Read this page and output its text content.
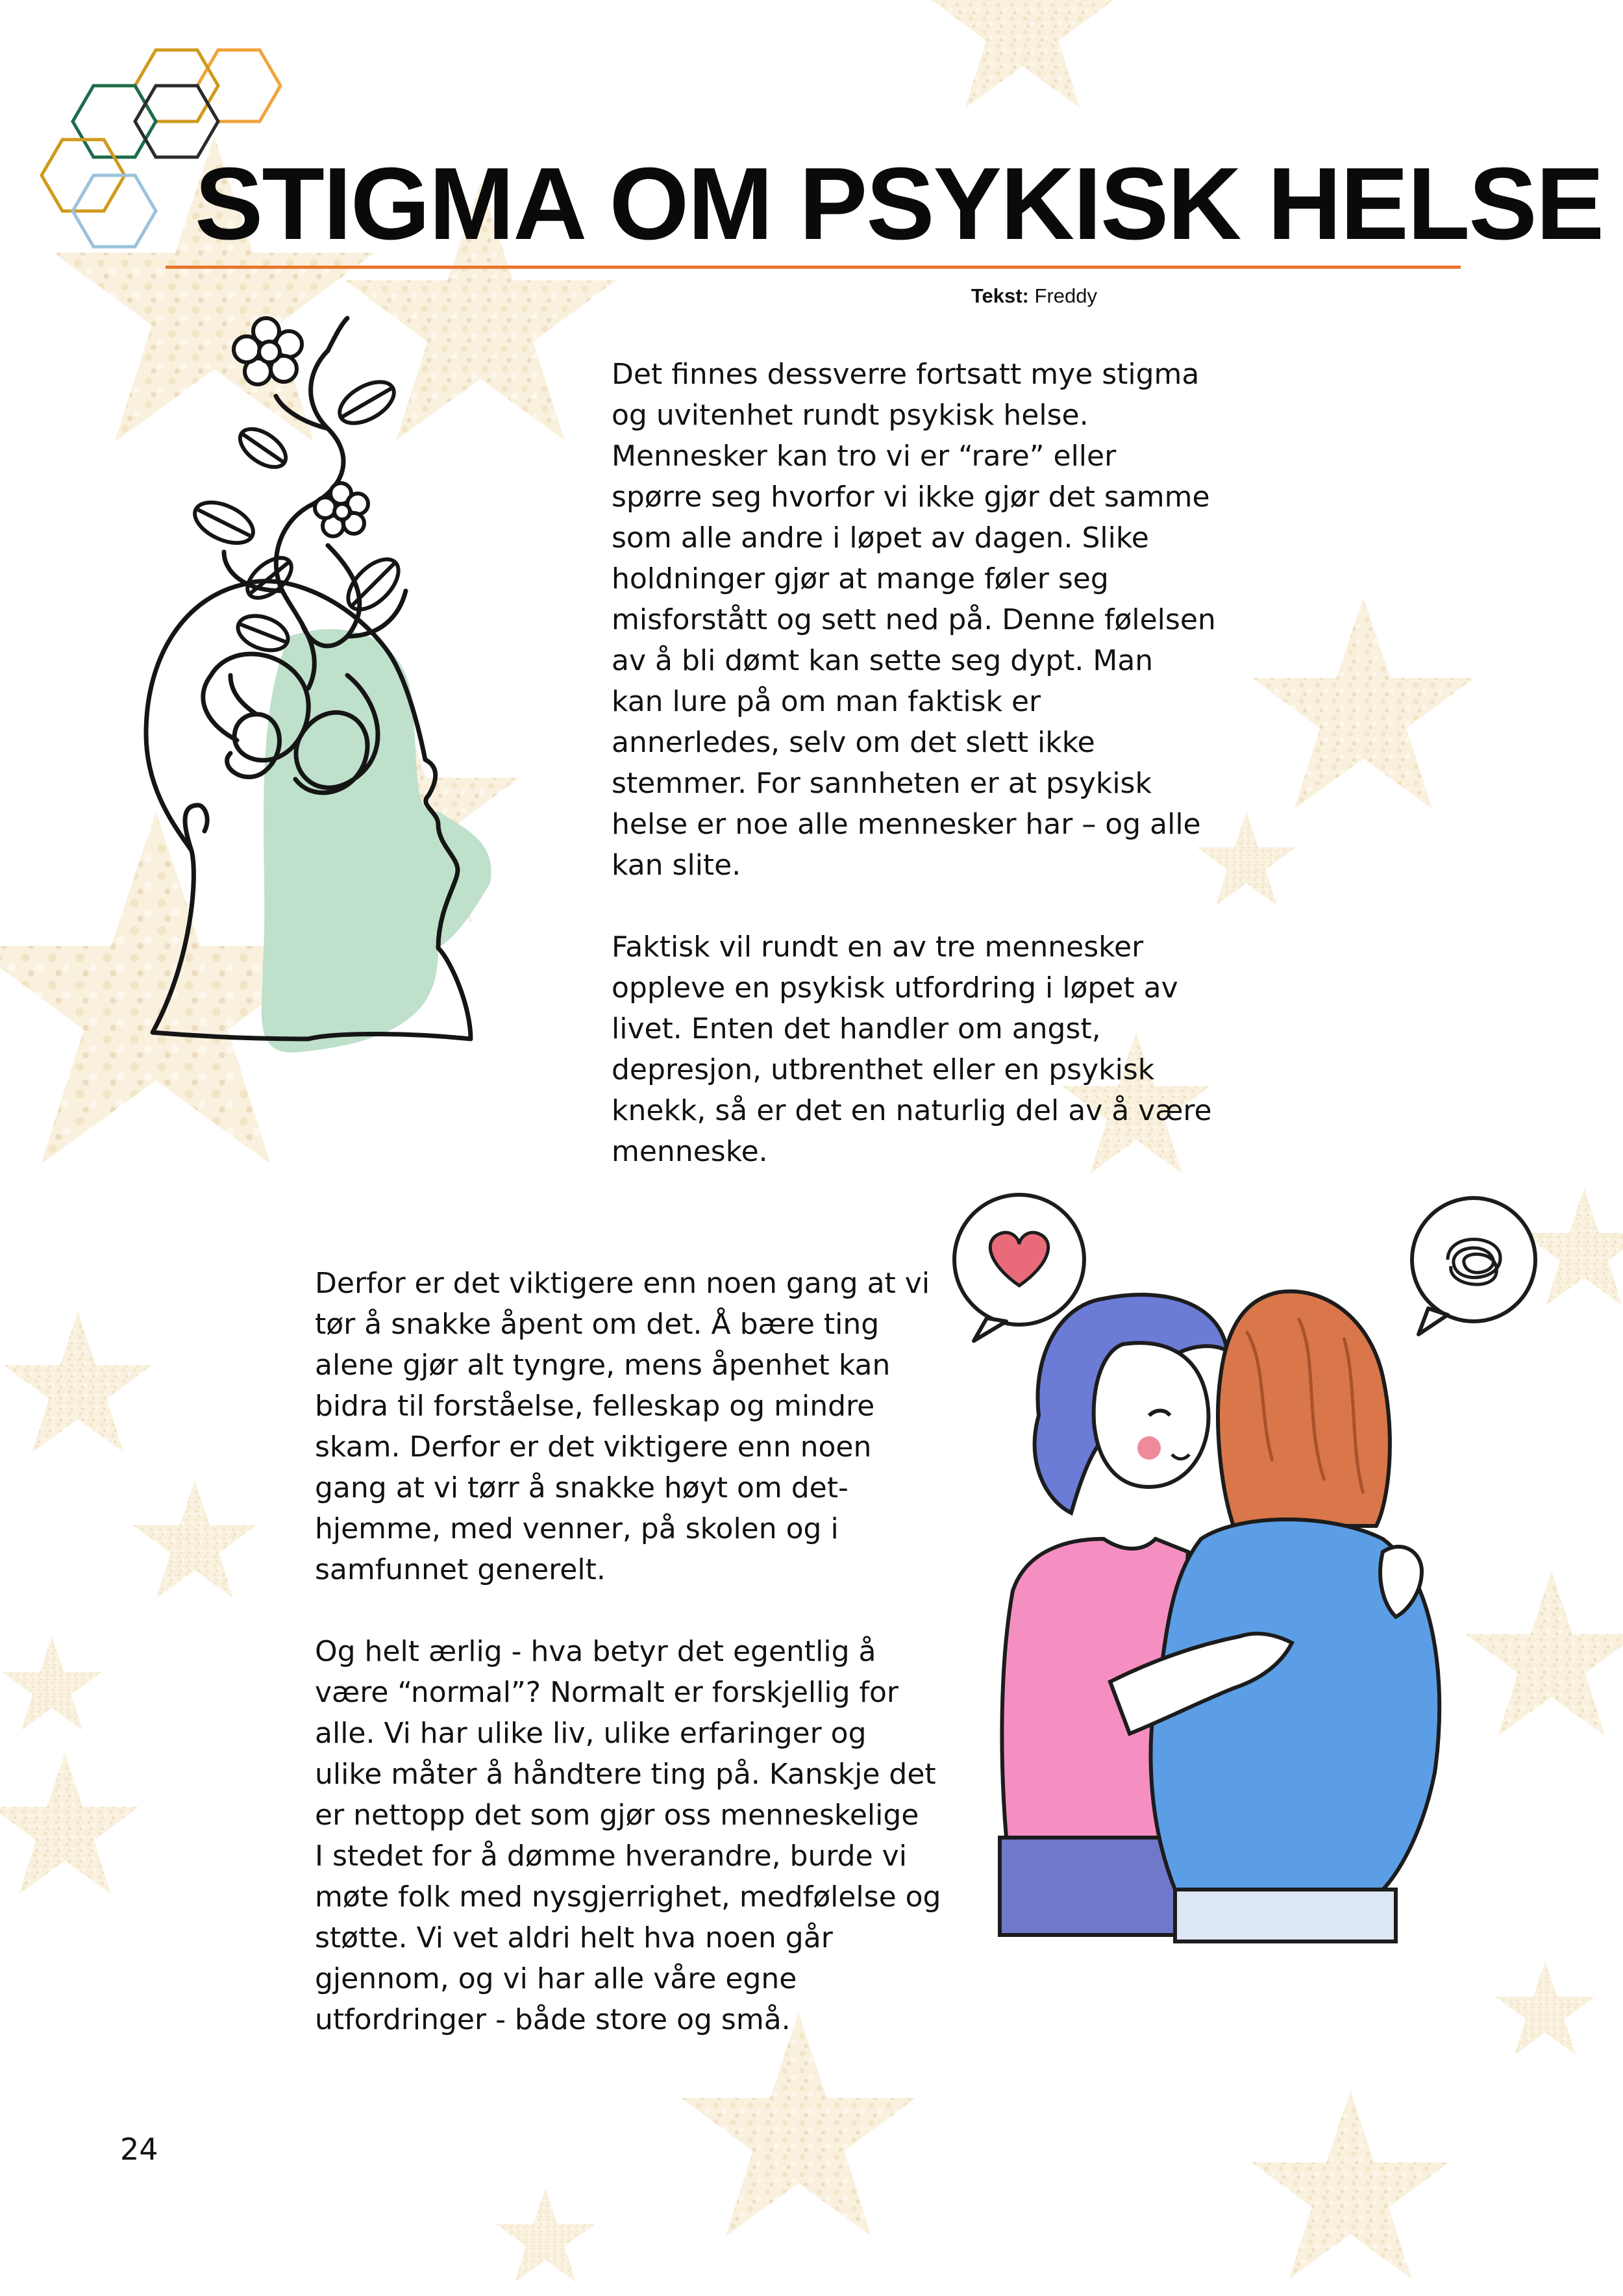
STIGMA OM PSYKISK HELSE
Tekst: Freddy

Det finnes dessverre fortsatt mye stigma
og uvitenhet rundt psykisk helse.
Mennesker kan tro vi er “rare” eller
spørre seg hvorfor vi ikke gjør det samme
som alle andre i løpet av dagen. Slike
holdninger gjør at mange føler seg
misforstått og sett ned på. Denne følelsen
av å bli dømt kan sette seg dypt. Man
kan lure på om man faktisk er
annerledes, selv om det slett ikke
stemmer. For sannheten er at psykisk
helse er noe alle mennesker har – og alle
kan slite.

Faktisk vil rundt en av tre mennesker
oppleve en psykisk utfordring i løpet av
livet. Enten det handler om angst,
depresjon, utbrenthet eller en psykisk
knekk, så er det en naturlig del av å være
menneske.

Derfor er det viktigere enn noen gang at vi
tør å snakke åpent om det. Å bære ting
alene gjør alt tyngre, mens åpenhet kan
bidra til forståelse, felleskap og mindre
skam. Derfor er det viktigere enn noen
gang at vi tørr å snakke høyt om det-
hjemme, med venner, på skolen og i
samfunnet generelt.

Og helt ærlig - hva betyr det egentlig å
være “normal”? Normalt er forskjellig for
alle. Vi har ulike liv, ulike erfaringer og
ulike måter å håndtere ting på. Kanskje det
er nettopp det som gjør oss menneskelige
I stedet for å dømme hverandre, burde vi
møte folk med nysgjerrighet, medfølelse og
støtte. Vi vet aldri helt hva noen går
gjennom, og vi har alle våre egne
utfordringer - både store og små.

24
